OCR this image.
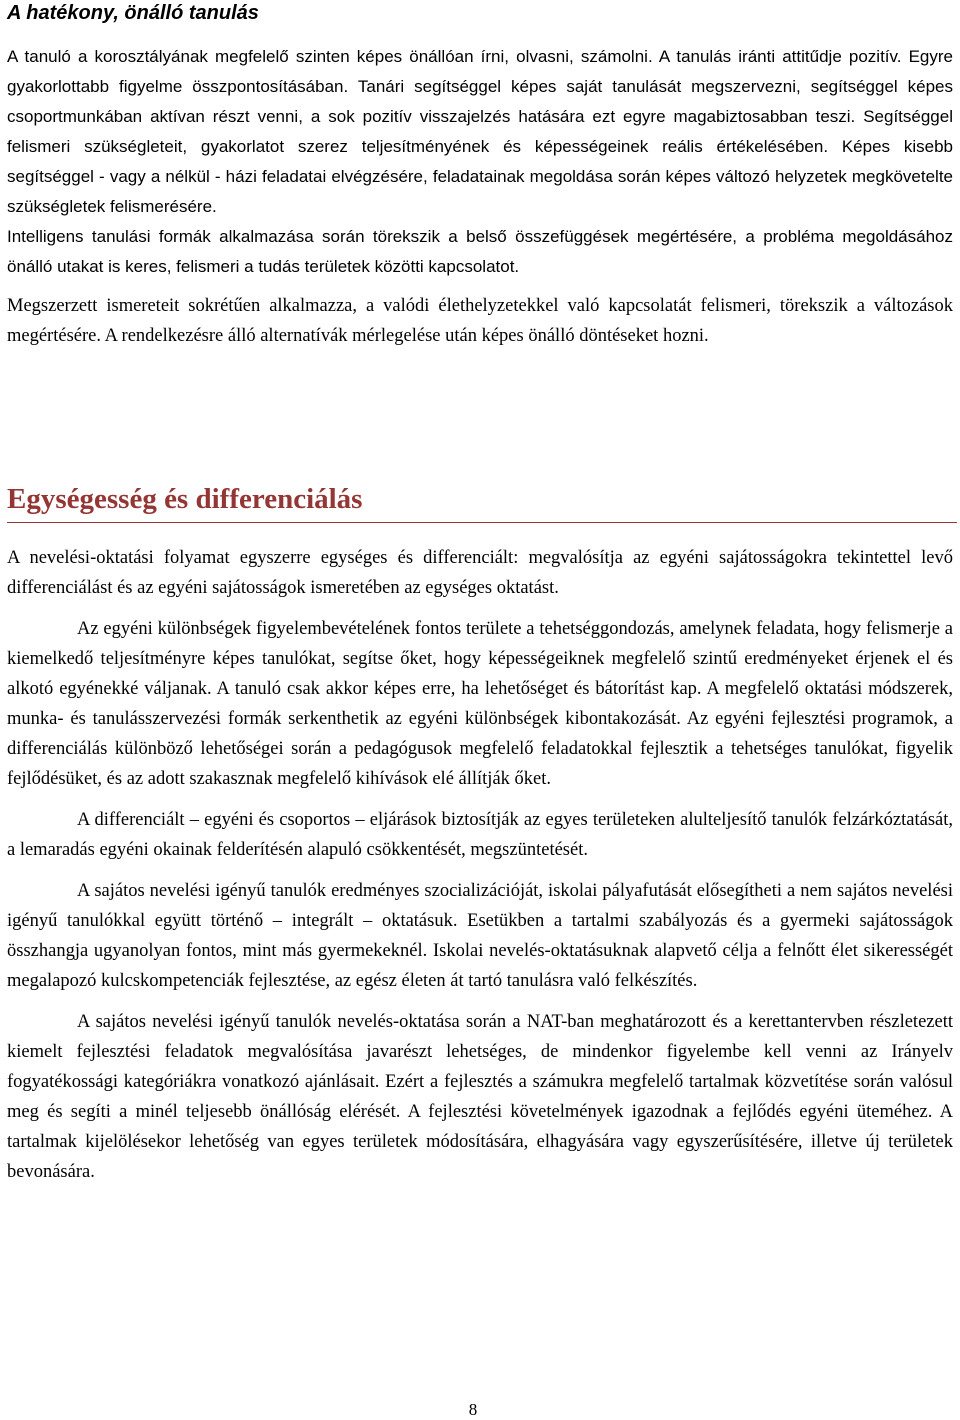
A hatékony, önálló tanulás

A tanuló a korosztályának megfelelő szinten képes önállóan írni, olvasni, számolni. A tanulás iránti attitűdje pozitív. Egyre gyakorlottabb figyelme összpontosításában. Tanári segítséggel képes saját tanulását megszervezni, segítséggel képes csoportmunkában aktívan részt venni, a sok pozitív visszajelzés hatására ezt egyre magabiztosabban teszi. Segítséggel felismeri szükségleteit, gyakorlatot szerez teljesítményének és képességeinek reális értékelésében. Képes kisebb segítséggel - vagy a nélkül - házi feladatai elvégzésére, feladatainak megoldása során képes változó helyzetek megkövetelte szükségletek felismerésére.

Intelligens tanulási formák alkalmazása során törekszik a belső összefüggések megértésére, a probléma megoldásához önálló utakat is keres, felismeri a tudás területek közötti kapcsolatot.

Megszerzett ismereteit sokrétűen alkalmazza, a valódi élethelyzetekkel való kapcsolatát felismeri, törekszik a változások megértésére. A rendelkezésre álló alternatívák mérlegelése után képes önálló döntéseket hozni.

Egységesség és differenciálás

A nevelési-oktatási folyamat egyszerre egységes és differenciált: megvalósítja az egyéni sajátosságokra tekintettel levő differenciálást és az egyéni sajátosságok ismeretében az egységes oktatást.

Az egyéni különbségek figyelembevételének fontos területe a tehetséggondozás, amelynek feladata, hogy felismerje a kiemelkedő teljesítményre képes tanulókat, segítse őket, hogy képességeiknek megfelelő szintű eredményeket érjenek el és alkotó egyénekké váljanak. A tanuló csak akkor képes erre, ha lehetőséget és bátorítást kap. A megfelelő oktatási módszerek, munka- és tanulásszervezési formák serkenthetik az egyéni különbségek kibontakozását. Az egyéni fejlesztési programok, a differenciálás különböző lehetőségei során a pedagógusok megfelelő feladatokkal fejlesztik a tehetséges tanulókat, figyelik fejlődésüket, és az adott szakasznak megfelelő kihívások elé állítják őket.

A differenciált – egyéni és csoportos – eljárások biztosítják az egyes területeken alulteljesítő tanulók felzárkóztatását, a lemaradás egyéni okainak felderítésén alapuló csökkentését, megszüntetését.

A sajátos nevelési igényű tanulók eredményes szocializációját, iskolai pályafutását elősegítheti a nem sajátos nevelési igényű tanulókkal együtt történő – integrált – oktatásuk. Esetükben a tartalmi szabályozás és a gyermeki sajátosságok összhangja ugyanolyan fontos, mint más gyermekeknél. Iskolai nevelés-oktatásuknak alapvető célja a felnőtt élet sikerességét megalapozó kulcskompetenciák fejlesztése, az egész életen át tartó tanulásra való felkészítés.

A sajátos nevelési igényű tanulók nevelés-oktatása során a NAT-ban meghatározott és a kerettantervben részletezett kiemelt fejlesztési feladatok megvalósítása javarészt lehetséges, de mindenkor figyelembe kell venni az Irányelv fogyatékossági kategóriákra vonatkozó ajánlásait. Ezért a fejlesztés a számukra megfelelő tartalmak közvetítése során valósul meg és segíti a minél teljesebb önállóság elérését. A fejlesztési követelmények igazodnak a fejlődés egyéni üteméhez. A tartalmak kijelölésekor lehetőség van egyes területek módosítására, elhagyására vagy egyszerűsítésére, illetve új területek bevonására.

8
